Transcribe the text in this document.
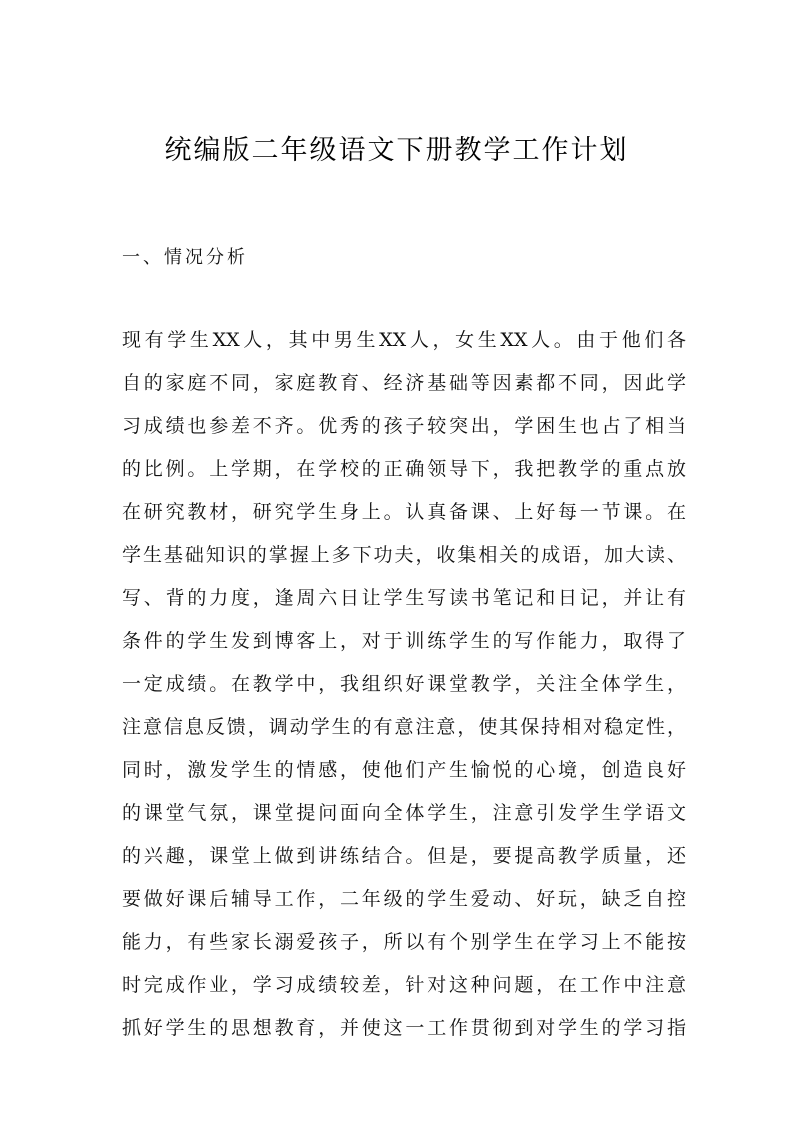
统编版二年级语文下册教学工作计划
一、情况分析
现有学生XX人，其中男生XX人，女生XX人。由于他们各
自的家庭不同，家庭教育、经济基础等因素都不同，因此学
习成绩也参差不齐。优秀的孩子较突出，学困生也占了相当
的比例。上学期，在学校的正确领导下，我把教学的重点放
在研究教材，研究学生身上。认真备课、上好每一节课。在
学生基础知识的掌握上多下功夫，收集相关的成语，加大读、
写、背的力度，逢周六日让学生写读书笔记和日记，并让有
条件的学生发到博客上，对于训练学生的写作能力，取得了
一定成绩。在教学中，我组织好课堂教学，关注全体学生，
注意信息反馈，调动学生的有意注意，使其保持相对稳定性，
同时，激发学生的情感，使他们产生愉悦的心境，创造良好
的课堂气氛，课堂提问面向全体学生，注意引发学生学语文
的兴趣，课堂上做到讲练结合。但是，要提高教学质量，还
要做好课后辅导工作，二年级的学生爱动、好玩，缺乏自控
能力，有些家长溺爱孩子，所以有个别学生在学习上不能按
时完成作业，学习成绩较差，针对这种问题，在工作中注意
抓好学生的思想教育，并使这一工作贯彻到对学生的学习指
